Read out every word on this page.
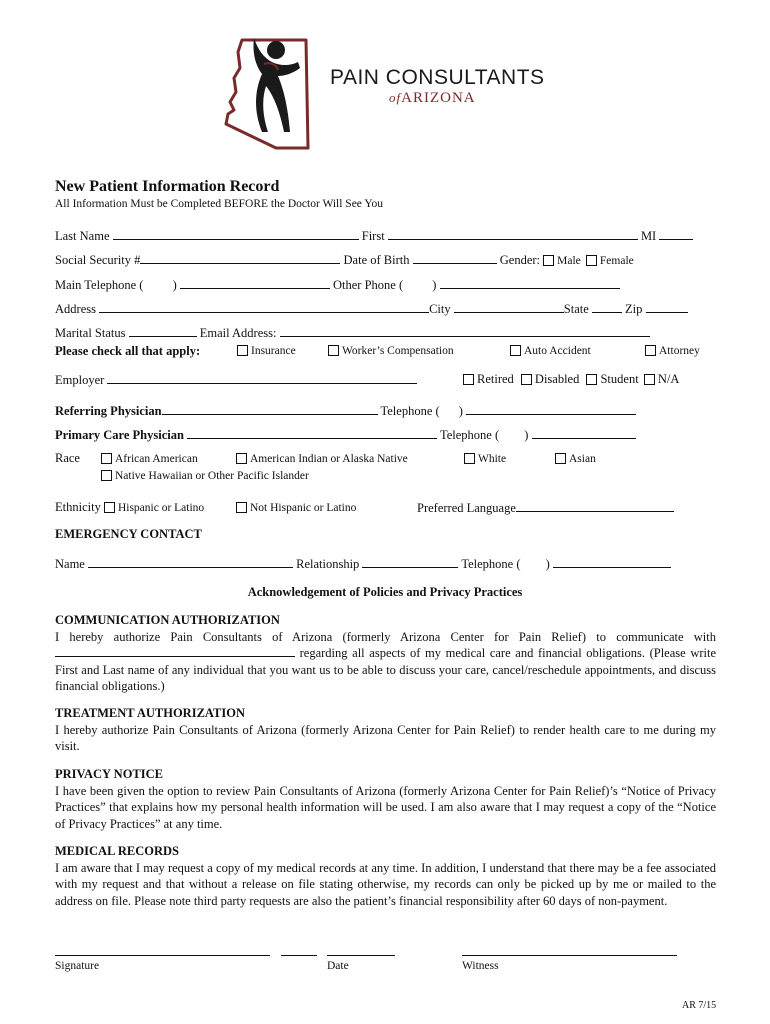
PAIN CONSULTANTS
ofARIZONA
New Patient Information Record
All Information Must be Completed BEFORE the Doctor Will See You
Last Name	First	MI
Social Security #	Date of Birth	Gender: Male Female
Main Telephone ( )	Other Phone ( )
Address	City	State	Zip
Marital Status	Email Address:
Please check all that apply:	Insurance	Worker’s Compensation	Auto Accident	Attorney
Employer	Retired Disabled Student N/A
Referring Physician	Telephone ( )
Primary Care Physician	Telephone ( )
Race	African American	American Indian or Alaska Native	White	Asian
Native Hawaiian or Other Pacific Islander
Ethnicity Hispanic or Latino	Not Hispanic or Latino	Preferred Language
EMERGENCY CONTACT
Name	Relationship	Telephone ( )
Acknowledgement of Policies and Privacy Practices
COMMUNICATION AUTHORIZATION
I hereby authorize Pain Consultants of Arizona (formerly Arizona Center for Pain Relief) to communicate with  regarding all aspects of my medical care and financial obligations. (Please write First and Last name of any individual that you want us to be able to discuss your care, cancel/reschedule appointments, and discuss financial obligations.)
TREATMENT AUTHORIZATION
I hereby authorize Pain Consultants of Arizona (formerly Arizona Center for Pain Relief) to render health care to me during my visit.
PRIVACY NOTICE
I have been given the option to review Pain Consultants of Arizona (formerly Arizona Center for Pain Relief)’s “Notice of Privacy Practices” that explains how my personal health information will be used. I am also aware that I may request a copy of the “Notice of Privacy Practices” at any time.
MEDICAL RECORDS
I am aware that I may request a copy of my medical records at any time. In addition, I understand that there may be a fee associated with my request and that without a release on file stating otherwise, my records can only be picked up by me or mailed to the address on file. Please note third party requests are also the patient’s financial responsibility after 60 days of non-payment.
Signature	Date	Witness
AR 7/15
